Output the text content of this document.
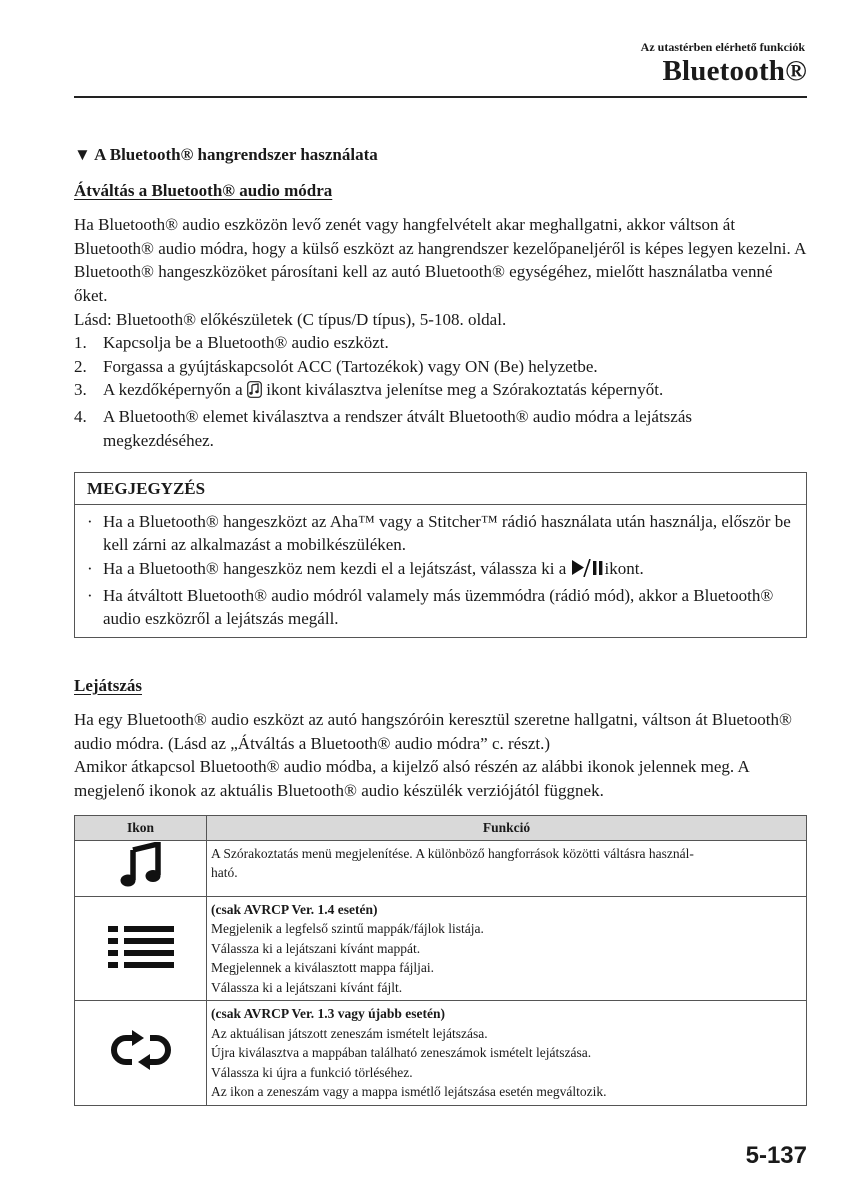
Az utastérben elérhető funkciók
Bluetooth®
▼ A Bluetooth® hangrendszer használata
Átváltás a Bluetooth® audio módra

Ha Bluetooth® audio eszközön levő zenét vagy hangfelvételt akar meghallgatni, akkor váltson át Bluetooth® audio módra, hogy a külső eszközt az hangrendszer kezelőpaneljéről is képes legyen kezelni. A Bluetooth® hangeszközöket párosítani kell az autó Bluetooth® egységéhez, mielőtt használatba venné őket.

Lásd: Bluetooth® előkészületek (C típus/D típus), 5-108. oldal.

1. Kapcsolja be a Bluetooth® audio eszközt.
2. Forgassa a gyújtáskapcsolót ACC (Tartozékok) vagy ON (Be) helyzetbe.
3. A kezdőképernyőn a ikont kiválasztva jelenítse meg a Szórakoztatás képernyőt.
4. A Bluetooth® elemet kiválasztva a rendszer átvált Bluetooth® audio módra a lejátszás megkezdéséhez.
MEGJEGYZÉS
· Ha a Bluetooth® hangeszközt az Aha™ vagy a Stitcher™ rádió használata után használja, először be kell zárni az alkalmazást a mobilkészüléken.
· Ha a Bluetooth® hangeszköz nem kezdi el a lejátszást, válassza ki a ikont.
· Ha átváltott Bluetooth® audio módról valamely más üzemmódra (rádió mód), akkor a Bluetooth® audio eszközről a lejátszás megáll.
Lejátszás

Ha egy Bluetooth® audio eszközt az autó hangszóróin keresztül szeretne hallgatni, váltson át Bluetooth® audio módra. (Lásd az „Átváltás a Bluetooth® audio módra” c. részt.)

Amikor átkapcsol Bluetooth® audio módba, a kijelző alsó részén az alábbi ikonok jelennek meg. A megjelenő ikonok az aktuális Bluetooth® audio készülék verziójától függnek.

Ikon	Funkció

A Szórakoztatás menü megjelenítése. A különböző hangforrások közötti váltásra használ-
ható.

(csak AVRCP Ver. 1.4 esetén)
Megjelenik a legfelső szintű mappák/fájlok listája.
Válassza ki a lejátszani kívánt mappát.
Megjelennek a kiválasztott mappa fájljai.
Válassza ki a lejátszani kívánt fájlt.

(csak AVRCP Ver. 1.3 vagy újabb esetén)
Az aktuálisan játszott zeneszám ismételt lejátszása.
Újra kiválasztva a mappában található zeneszámok ismételt lejátszása.
Válassza ki újra a funkció törléséhez.
Az ikon a zeneszám vagy a mappa ismétlő lejátszása esetén megváltozik.
5-137
